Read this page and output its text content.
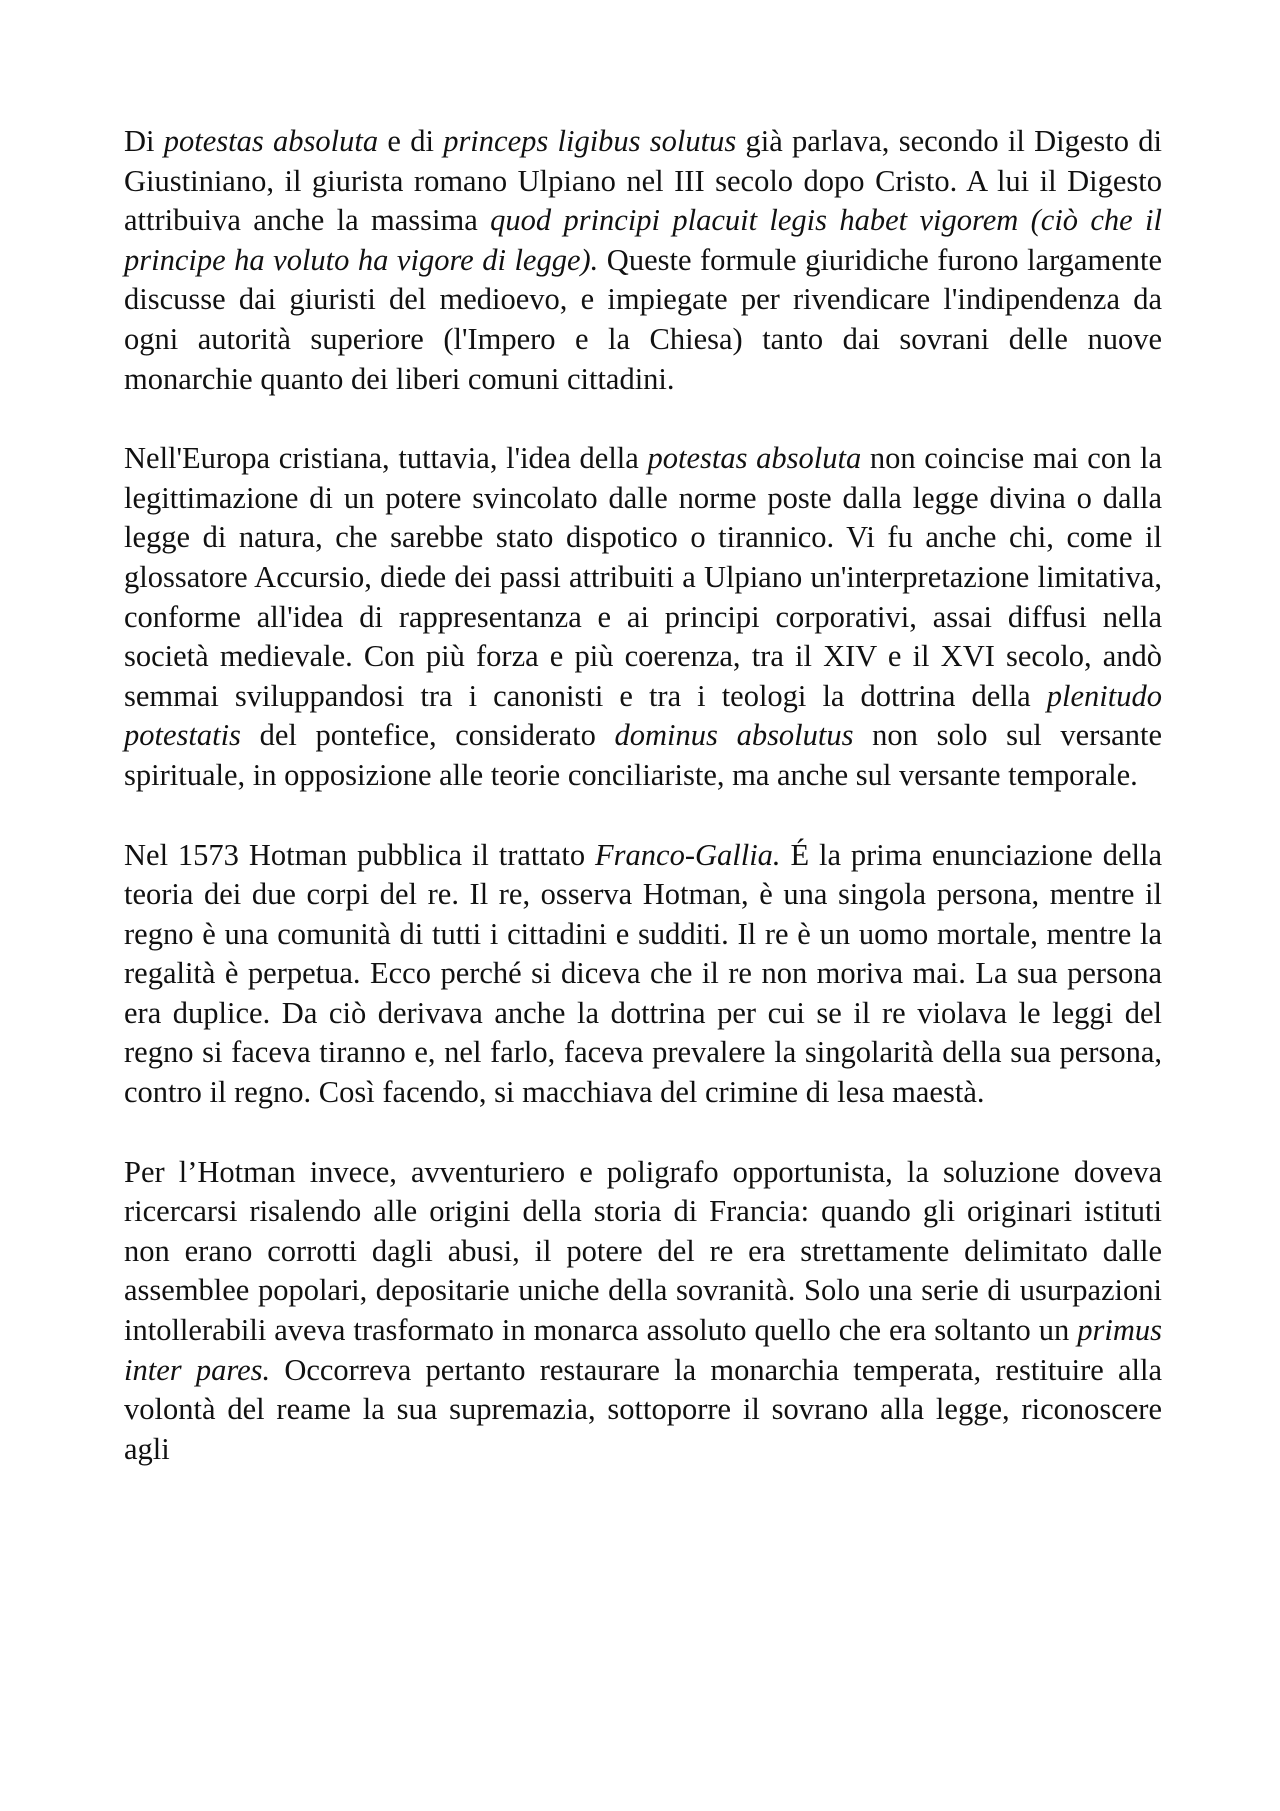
Di potestas absoluta e di princeps ligibus solutus già parlava, secondo il Digesto di Giustiniano, il giurista romano Ulpiano nel III secolo dopo Cristo. A lui il Digesto attribuiva anche la massima quod principi placuit legis habet vigorem (ciò che il principe ha voluto ha vigore di legge). Queste formule giuridiche furono largamente discusse dai giuristi del medioevo, e impiegate per rivendicare l'indipendenza da ogni autorità superiore (l'Impero e la Chiesa) tanto dai sovrani delle nuove monarchie quanto dei liberi comuni cittadini.

Nell'Europa cristiana, tuttavia, l'idea della potestas absoluta non coincise mai con la legittimazione di un potere svincolato dalle norme poste dalla legge divina o dalla legge di natura, che sarebbe stato dispotico o tirannico. Vi fu anche chi, come il glossatore Accursio, diede dei passi attribuiti a Ulpiano un'interpretazione limitativa, conforme all'idea di rappresentanza e ai principi corporativi, assai diffusi nella società medievale. Con più forza e più coerenza, tra il XIV e il XVI secolo, andò semmai sviluppandosi tra i canonisti e tra i teologi la dottrina della plenitudo potestatis del pontefice, considerato dominus absolutus non solo sul versante spirituale, in opposizione alle teorie conciliariste, ma anche sul versante temporale.

Nel 1573 Hotman pubblica il trattato Franco-Gallia. É la prima enunciazione della teoria dei due corpi del re. Il re, osserva Hotman, è una singola persona, mentre il regno è una comunità di tutti i cittadini e sudditi. Il re è un uomo mortale, mentre la regalità è perpetua. Ecco perché si diceva che il re non moriva mai. La sua persona era duplice. Da ciò derivava anche la dottrina per cui se il re violava le leggi del regno si faceva tiranno e, nel farlo, faceva prevalere la singolarità della sua persona, contro il regno. Così facendo, si macchiava del crimine di lesa maestà.

Per l’Hotman invece, avventuriero e poligrafo opportunista, la soluzione doveva ricercarsi risalendo alle origini della storia di Francia: quando gli originari istituti non erano corrotti dagli abusi, il potere del re era strettamente delimitato dalle assemblee popolari, depositarie uniche della sovranità. Solo una serie di usurpazioni intollerabili aveva trasformato in monarca assoluto quello che era soltanto un primus inter pares. Occorreva pertanto restaurare la monarchia temperata, restituire alla volontà del reame la sua supremazia, sottoporre il sovrano alla legge, riconoscere agli
